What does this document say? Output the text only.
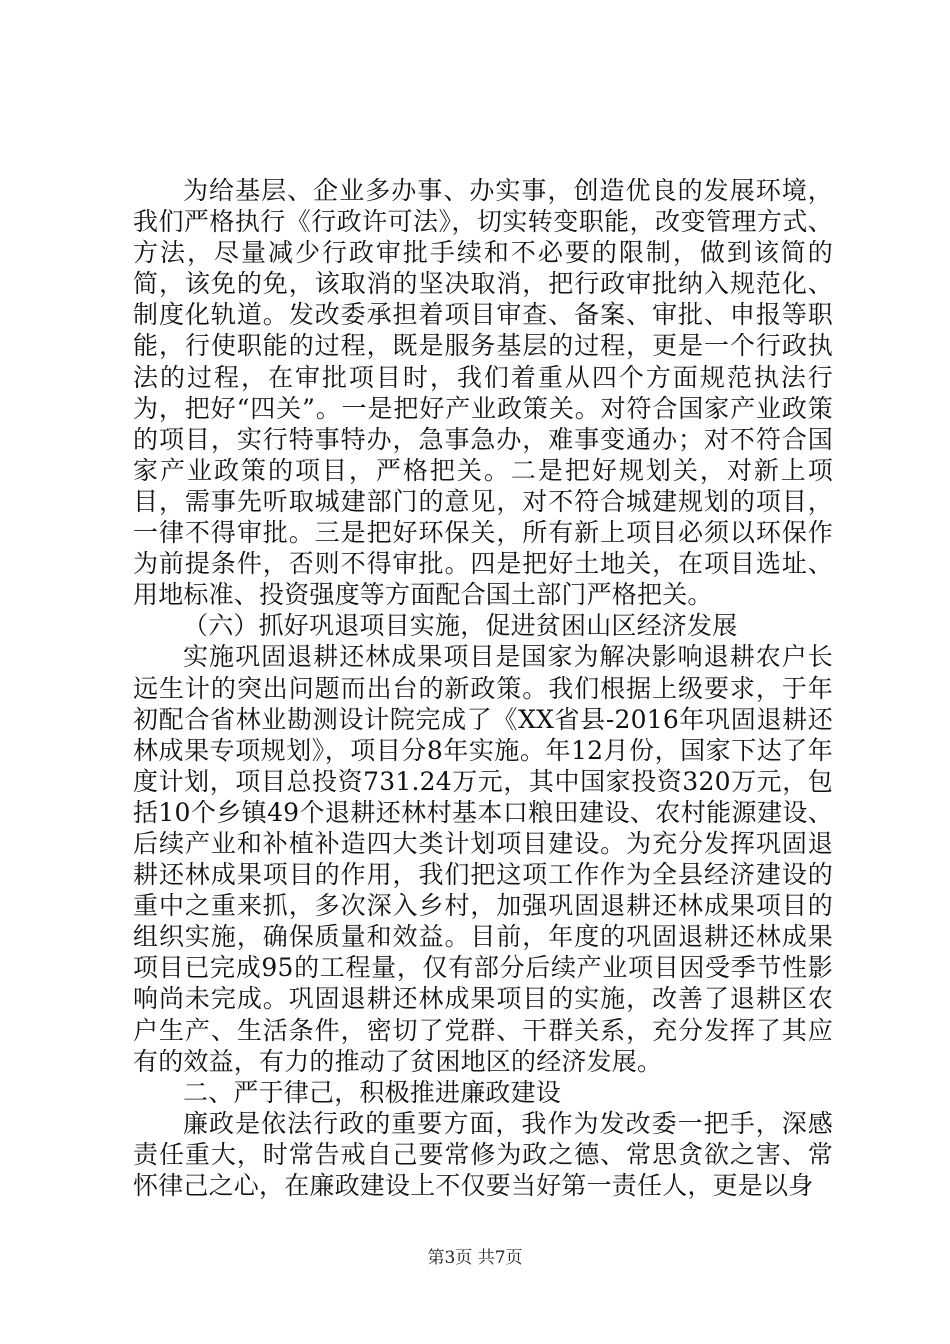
为给基层、企业多办事、办实事，创造优良的发展环境，我们严格执行《行政许可法》，切实转变职能，改变管理方式、方法，尽量减少行政审批手续和不必要的限制，做到该简的简，该免的免，该取消的坚决取消，把行政审批纳入规范化、制度化轨道。发改委承担着项目审查、备案、审批、申报等职能，行使职能的过程，既是服务基层的过程，更是一个行政执法的过程，在审批项目时，我们着重从四个方面规范执法行为，把好“四关”。一是把好产业政策关。对符合国家产业政策的项目，实行特事特办，急事急办，难事变通办；对不符合国家产业政策的项目，严格把关。二是把好规划关，对新上项目，需事先听取城建部门的意见，对不符合城建规划的项目，一律不得审批。三是把好环保关，所有新上项目必须以环保作为前提条件，否则不得审批。四是把好土地关，在项目选址、用地标准、投资强度等方面配合国土部门严格把关。

（六）抓好巩退项目实施，促进贫困山区经济发展

实施巩固退耕还林成果项目是国家为解决影响退耕农户长远生计的突出问题而出台的新政策。我们根据上级要求，于年初配合省林业勘测设计院完成了《XX省县-2016年巩固退耕还林成果专项规划》，项目分8年实施。年12月份，国家下达了年度计划，项目总投资731.24万元，其中国家投资320万元，包括10个乡镇49个退耕还林村基本口粮田建设、农村能源建设、后续产业和补植补造四大类计划项目建设。为充分发挥巩固退耕还林成果项目的作用，我们把这项工作作为全县经济建设的重中之重来抓，多次深入乡村，加强巩固退耕还林成果项目的组织实施，确保质量和效益。目前，年度的巩固退耕还林成果项目已完成95的工程量，仅有部分后续产业项目因受季节性影响尚未完成。巩固退耕还林成果项目的实施，改善了退耕区农户生产、生活条件，密切了党群、干群关系，充分发挥了其应有的效益，有力的推动了贫困地区的经济发展。

二、严于律己，积极推进廉政建设

廉政是依法行政的重要方面，我作为发改委一把手，深感责任重大，时常告戒自己要常修为政之德、常思贪欲之害、常怀律己之心，在廉政建设上不仅要当好第一责任人，更是以身

第3页 共7页
